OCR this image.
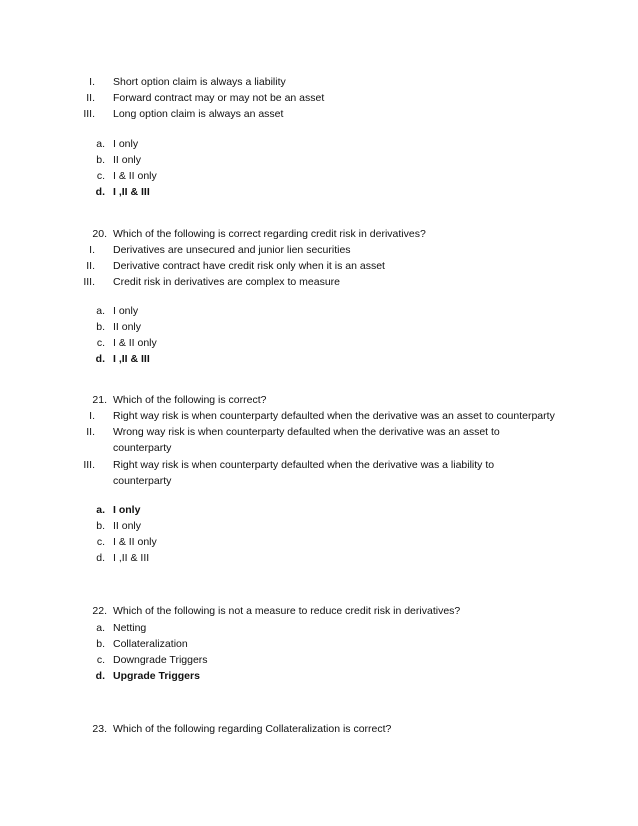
I. Short option claim is always a liability
II. Forward contract may or may not be an asset
III. Long option claim is always an asset
a. I only
b. II only
c. I & II only
d. I ,II & III
20. Which of the following is correct regarding credit risk in derivatives?
I. Derivatives are unsecured and junior lien securities
II. Derivative contract have credit risk only when it is an asset
III. Credit risk in derivatives are complex to measure
a. I only
b. II only
c. I & II only
d. I ,II & III
21. Which of the following is correct?
I. Right way risk is when counterparty defaulted when the derivative was an asset to counterparty
II. Wrong way risk is when counterparty defaulted when the derivative was an asset to
counterparty
III. Right way risk is when counterparty defaulted when the derivative was a liability to
counterparty
a. I only
b. II only
c. I & II only
d. I ,II & III
22. Which of the following is not a measure to reduce credit risk in derivatives?
a. Netting
b. Collateralization
c. Downgrade Triggers
d. Upgrade Triggers
23. Which of the following regarding Collateralization is correct?
